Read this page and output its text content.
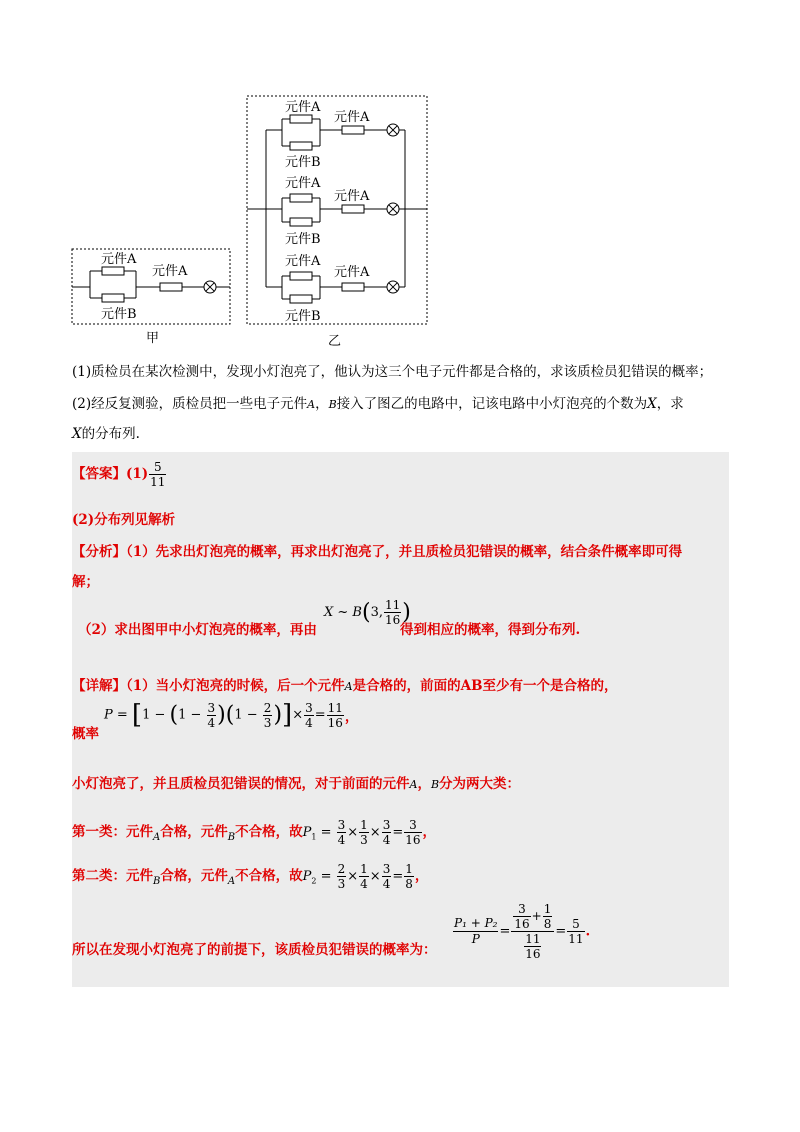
元件A
元件A
元件B
甲
元件A
元件A
元件B
元件A
元件A
元件B
元件A
元件A
元件B
乙
(1)质检员在某次检测中，发现小灯泡亮了，他认为这三个电子元件都是合格的，求该质检员犯错误的概率；
(2)经反复测验，质检员把一些电子元件A，B接入了图乙的电路中，记该电路中小灯泡亮的个数为X，求
X的分布列.
【答案】$(1) \frac{5}{11}$
(2)分布列见解析
【分析】（1）先求出灯泡亮的概率，再求出灯泡亮了，并且质检员犯错误的概率，结合条件概率即可得
解；
（2）求出图甲中小灯泡亮的概率，再由
X ~ B(3, $\frac{11}{16}$ )
得到相应的概率，得到分布列.
【详解】（1）当小灯泡亮的时候，后一个元件A是合格的，前面的AB至少有一个是合格的，
概率
$P = [1 - (1 - \frac{3}{4} )(1 - \frac{2}{3}$ )]× $\frac{3}{4} = \frac{11}{16}$ ，
小灯泡亮了，并且质检员犯错误的情况，对于前面的元件A，B分为两大类：
第一类：元件$_A$合格，元件$_B$不合格，故$P_1 = \frac{3}{4} \times \frac{1}{3} \times \frac{3}{4} = \frac{3}{16}$ ，
第二类：元件$_B$合格，元件$_A$不合格，故$P_2 = \frac{2}{3} \times \frac{1}{4} \times \frac{3}{4} = \frac{1}{8}$ ，
所以在发现小灯泡亮了的前提下，该质检员犯错误的概率为：
$\frac{\text{P₁ + P₂}}{P} = \frac{\frac{3}{16} + \frac{1}{8}}{\frac{11}{16}} = \frac{5}{11}$ .
